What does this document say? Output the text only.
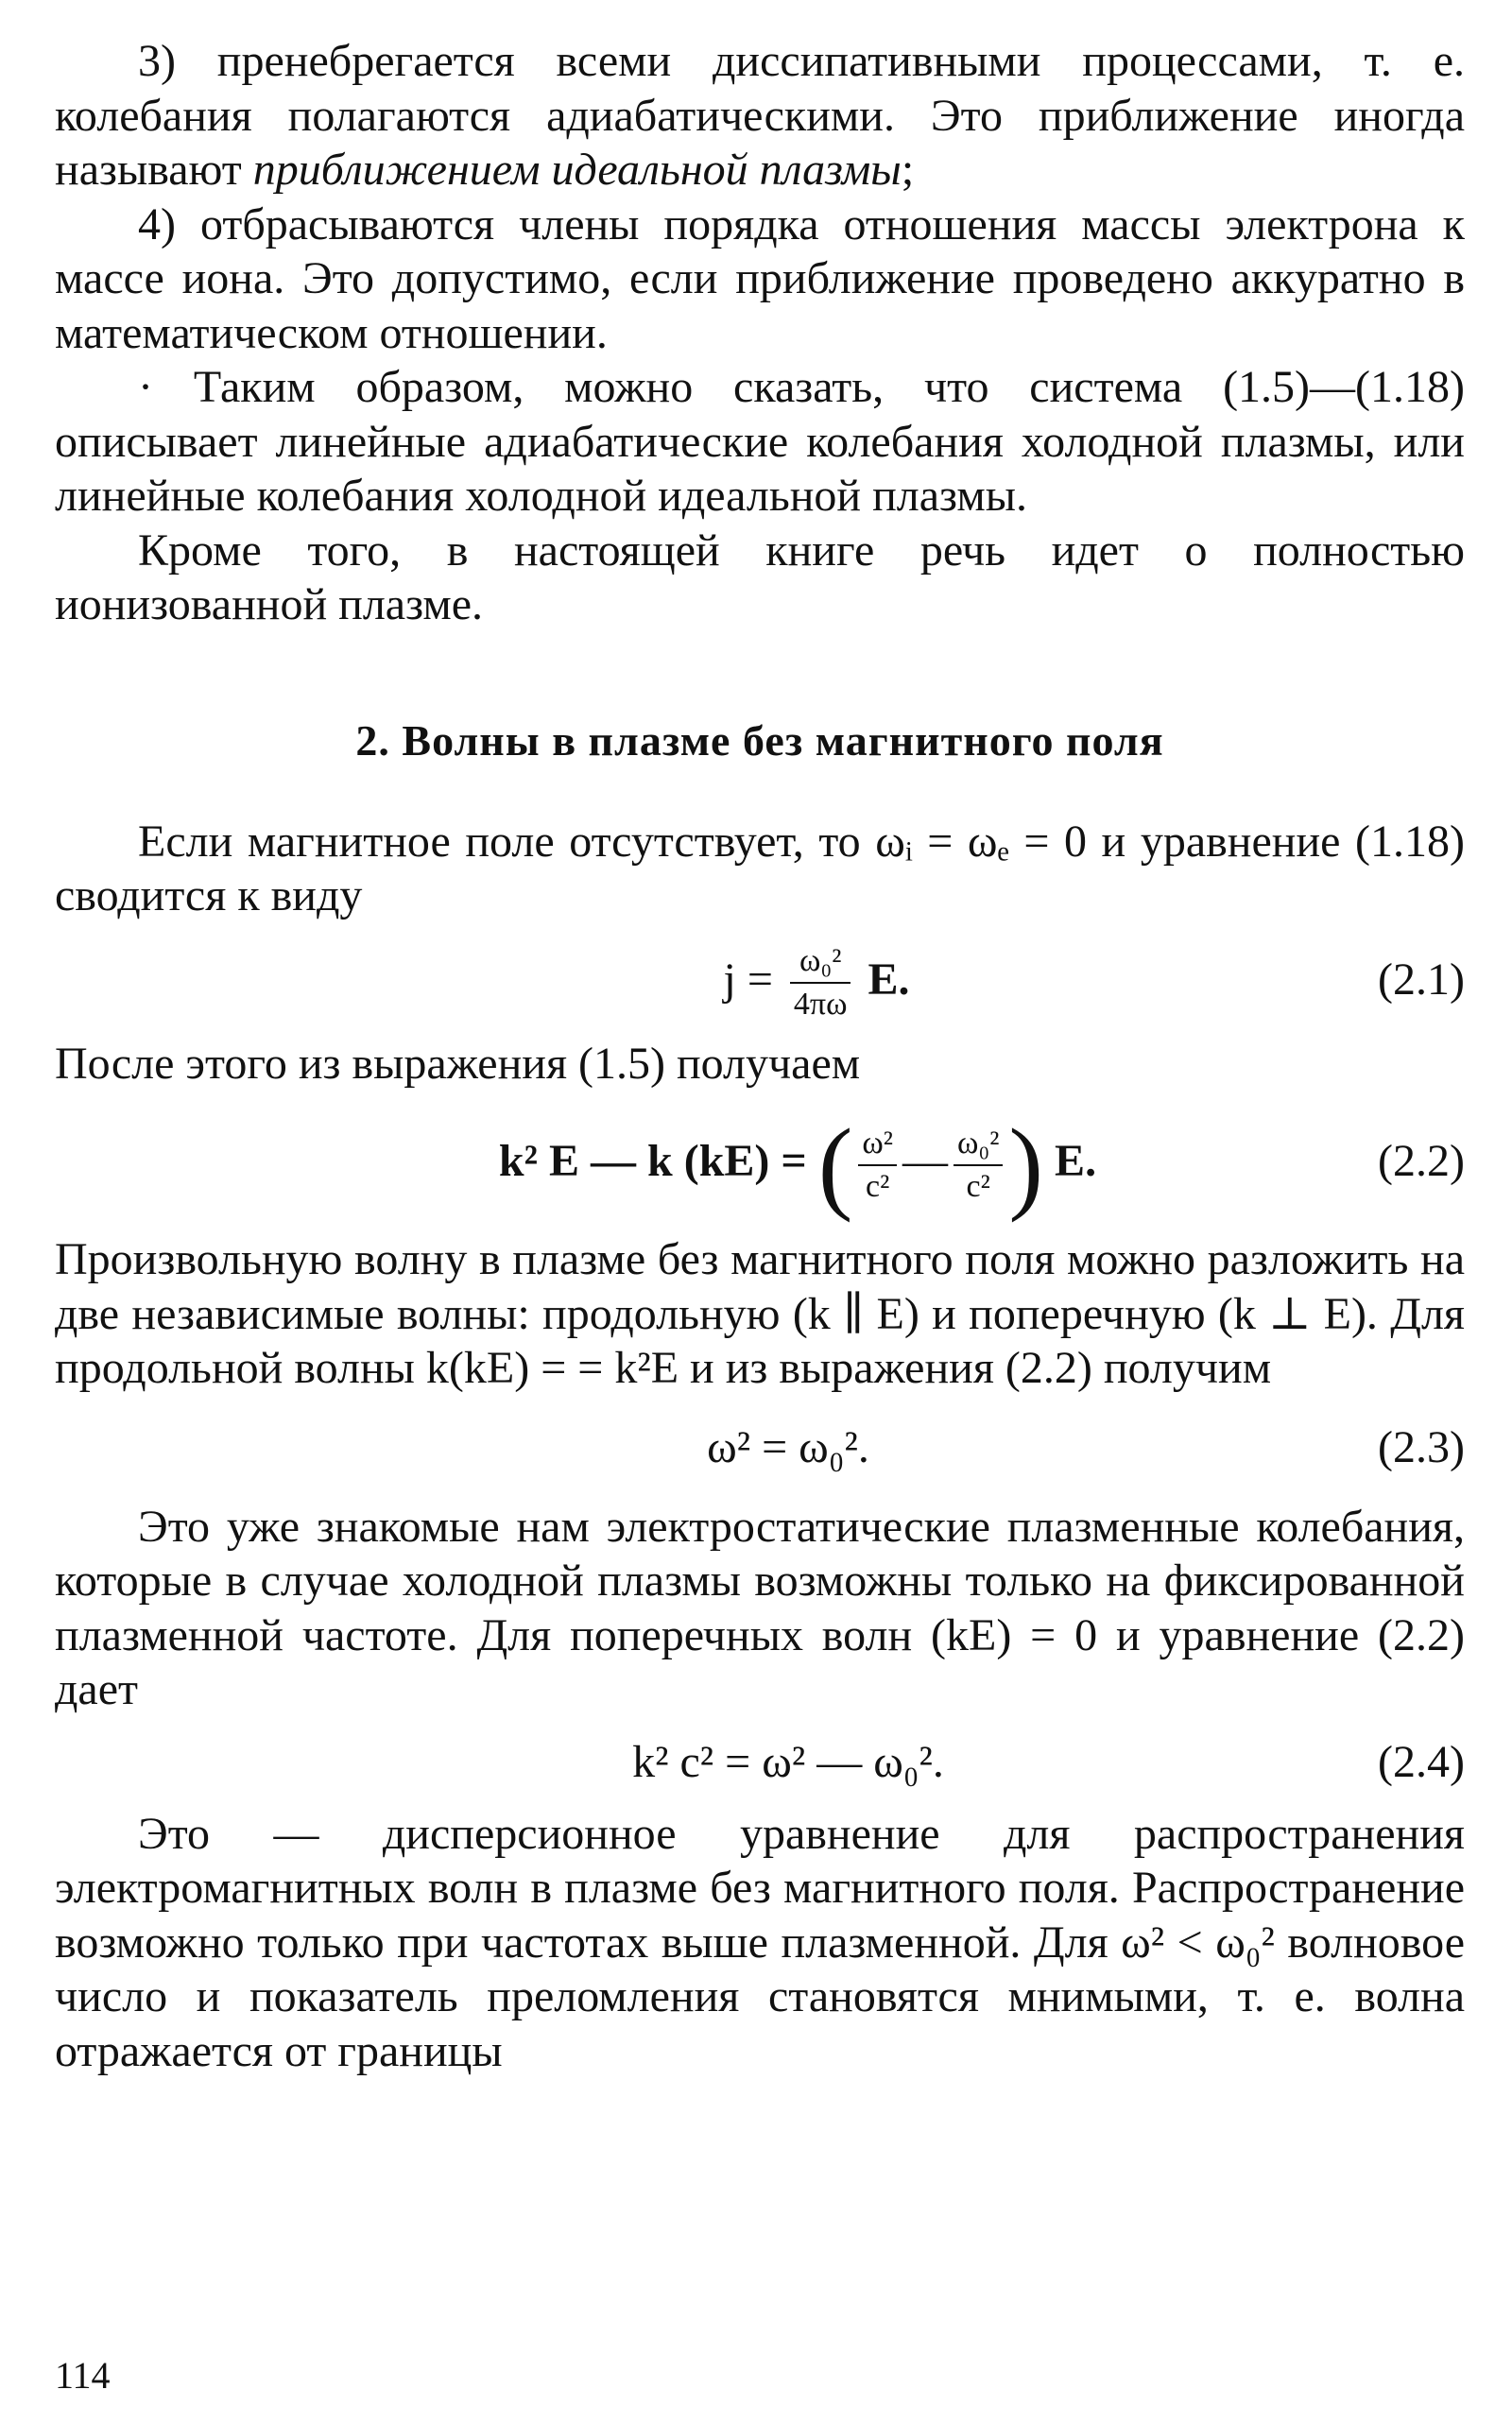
3) пренебрегается всеми диссипативными процессами, т. е. колебания полагаются адиабатическими. Это приближение иногда называют приближением идеальной плазмы;

4) отбрасываются члены порядка отношения массы электрона к массе иона. Это допустимо, если приближение проведено аккуратно в математическом отношении.

· Таким образом, можно сказать, что система (1.5)—(1.18) описывает линейные адиабатические колебания холодной плазмы, или линейные колебания холодной идеальной плазмы.

Кроме того, в настоящей книге речь идет о полностью ионизованной плазме.

2. Волны в плазме без магнитного поля

Если магнитное поле отсутствует, то ωᵢ = ωₑ = 0 и уравнение (1.18) сводится к виду

$j = \frac{\text{ω₀²}}{4\pi\omega} E$.	(2.1)

После этого из выражения (1.5) получаем

k² E — k (kE) = ( $\frac{\text{ω²}}{\text{c²}}$ — $\frac{\text{ω₀²}}{\text{c²}}$ ) E.	(2.2)

Произвольную волну в плазме без магнитного поля можно разложить на две независимые волны: продольную (k ∥ E) и поперечную (k ⊥ E). Для продольной волны k(kE) = = k²E и из выражения (2.2) получим

ω² = ω₀².	(2.3)

Это уже знакомые нам электростатические плазменные колебания, которые в случае холодной плазмы возможны только на фиксированной плазменной частоте. Для поперечных волн (kE) = 0 и уравнение (2.2) дает

k² c² = ω² — ω₀².	(2.4)

Это — дисперсионное уравнение для распространения электромагнитных волн в плазме без магнитного поля. Распространение возможно только при частотах выше плазменной. Для ω² < ω₀² волновое число и показатель преломления становятся мнимыми, т. е. волна отражается от границы

114
